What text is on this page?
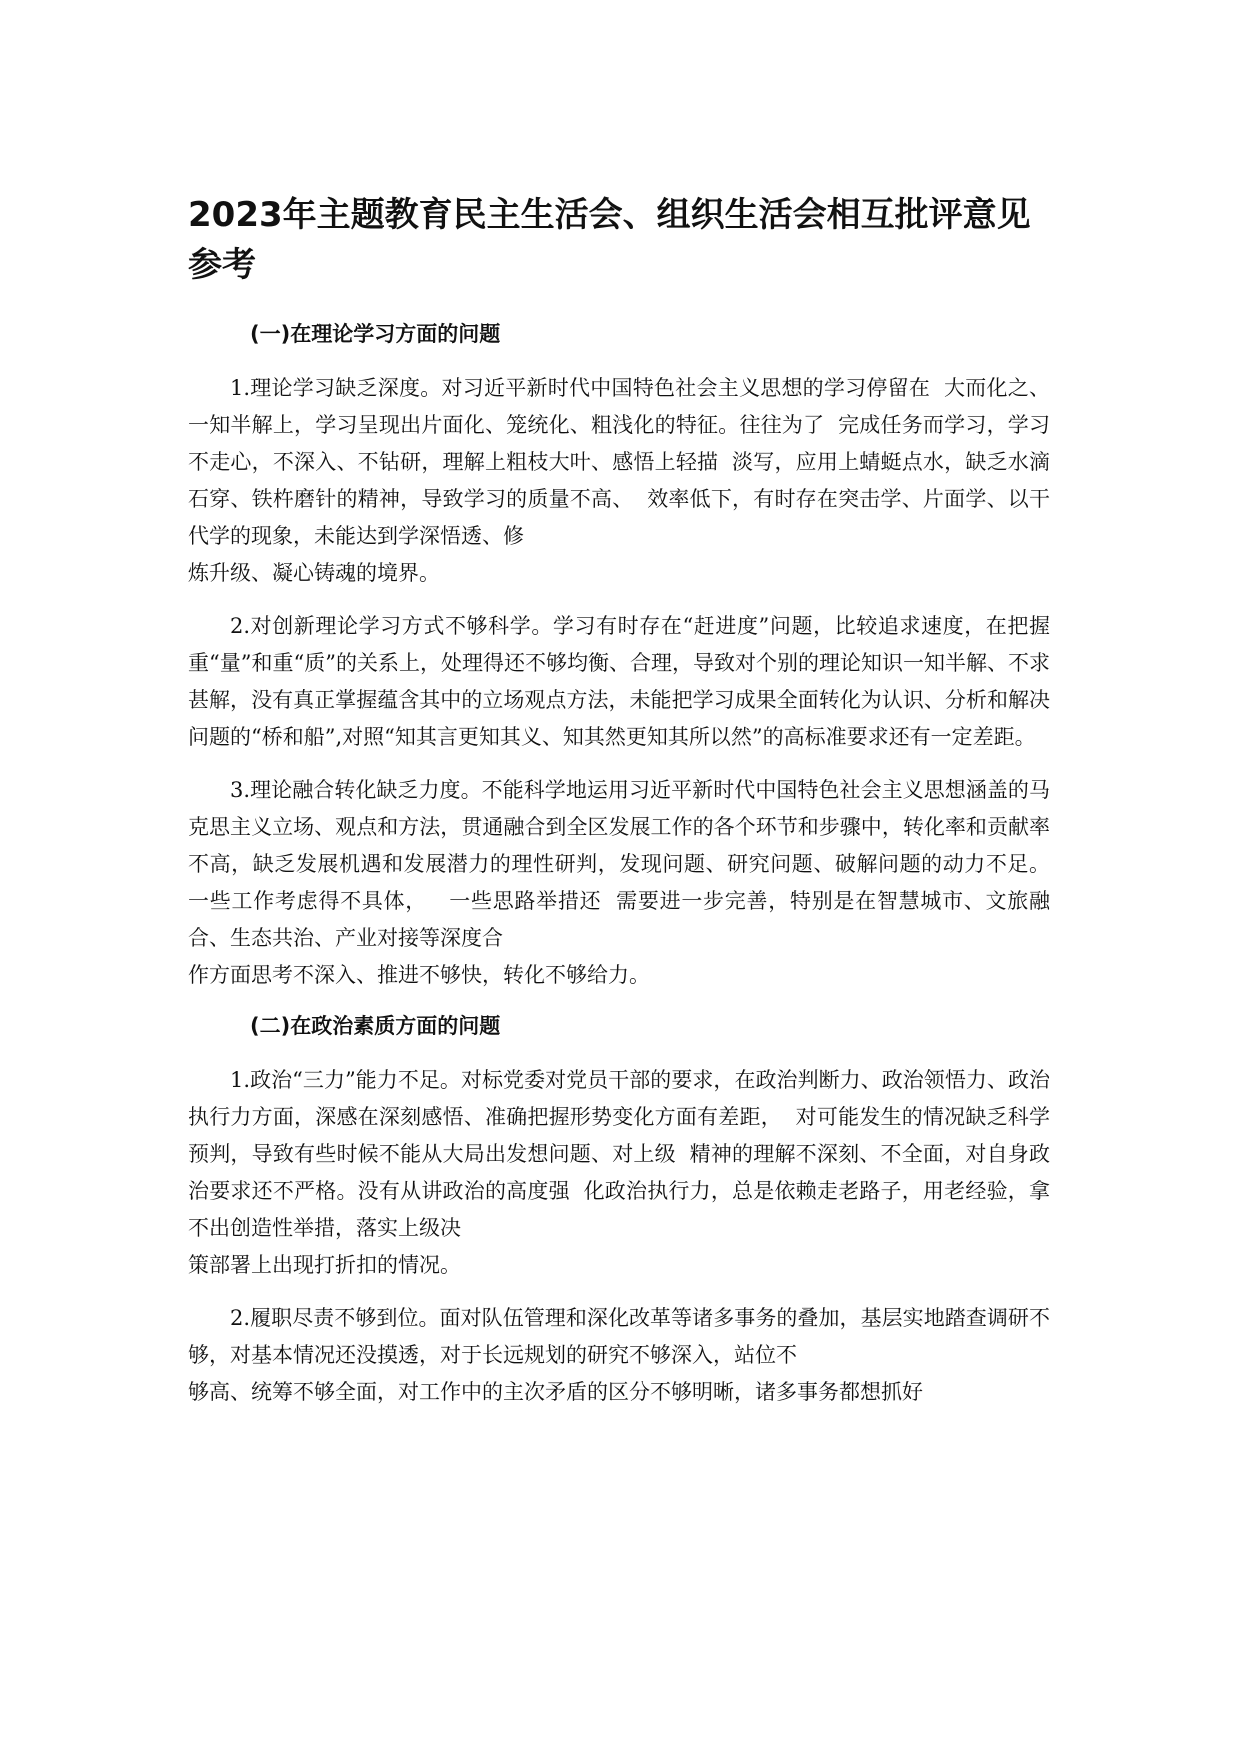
2023年主题教育民主生活会、组织生活会相互批评意见参考
(一)在理论学习方面的问题

1.理论学习缺乏深度。对习近平新时代中国特色社会主义思想的学习停留在  大而化之、  一知半解上，学习呈现出片面化、笼统化、粗浅化的特征。往往为了  完成任务而学习，学习不走心，不深入、不钻研，理解上粗枝大叶、感悟上轻描  淡写，应用上蜻蜓点水，缺乏水滴石穿、铁杵磨针的精神，导致学习的质量不高、  效率低下，有时存在突击学、片面学、以干代学的现象，未能达到学深悟透、修

炼升级、凝心铸魂的境界。

2.对创新理论学习方式不够科学。学习有时存在“赶进度”问题，比较追求速度，在把握重“量”和重“质”的关系上，处理得还不够均衡、合理，导致对个别的理论知识一知半解、不求甚解，没有真正掌握蕴含其中的立场观点方法，未能把学习成果全面转化为认识、分析和解决问题的“桥和船”,对照“知其言更知其义、知其然更知其所以然”的高标准要求还有一定差距。

3.理论融合转化缺乏力度。不能科学地运用习近平新时代中国特色社会主义思想涵盖的马克思主义立场、观点和方法，贯通融合到全区发展工作的各个环节和步骤中，转化率和贡献率不高，缺乏发展机遇和发展潜力的理性研判，发现问题、研究问题、破解问题的动力不足。   一些工作考虑得不具体，   一些思路举措还  需要进一步完善，特别是在智慧城市、文旅融合、生态共治、产业对接等深度合

作方面思考不深入、推进不够快，转化不够给力。

(二)在政治素质方面的问题

1.政治“三力”能力不足。对标党委对党员干部的要求，在政治判断力、政治领悟力、政治执行力方面，深感在深刻感悟、准确把握形势变化方面有差距，  对可能发生的情况缺乏科学预判，导致有些时候不能从大局出发想问题、对上级  精神的理解不深刻、不全面，对自身政治要求还不严格。没有从讲政治的高度强  化政治执行力，总是依赖走老路子，用老经验，拿不出创造性举措，落实上级决

策部署上出现打折扣的情况。

2.履职尽责不够到位。面对队伍管理和深化改革等诸多事务的叠加，基层实地踏查调研不够，对基本情况还没摸透，对于长远规划的研究不够深入，站位不

够高、统筹不够全面，对工作中的主次矛盾的区分不够明晰，诸多事务都想抓好
